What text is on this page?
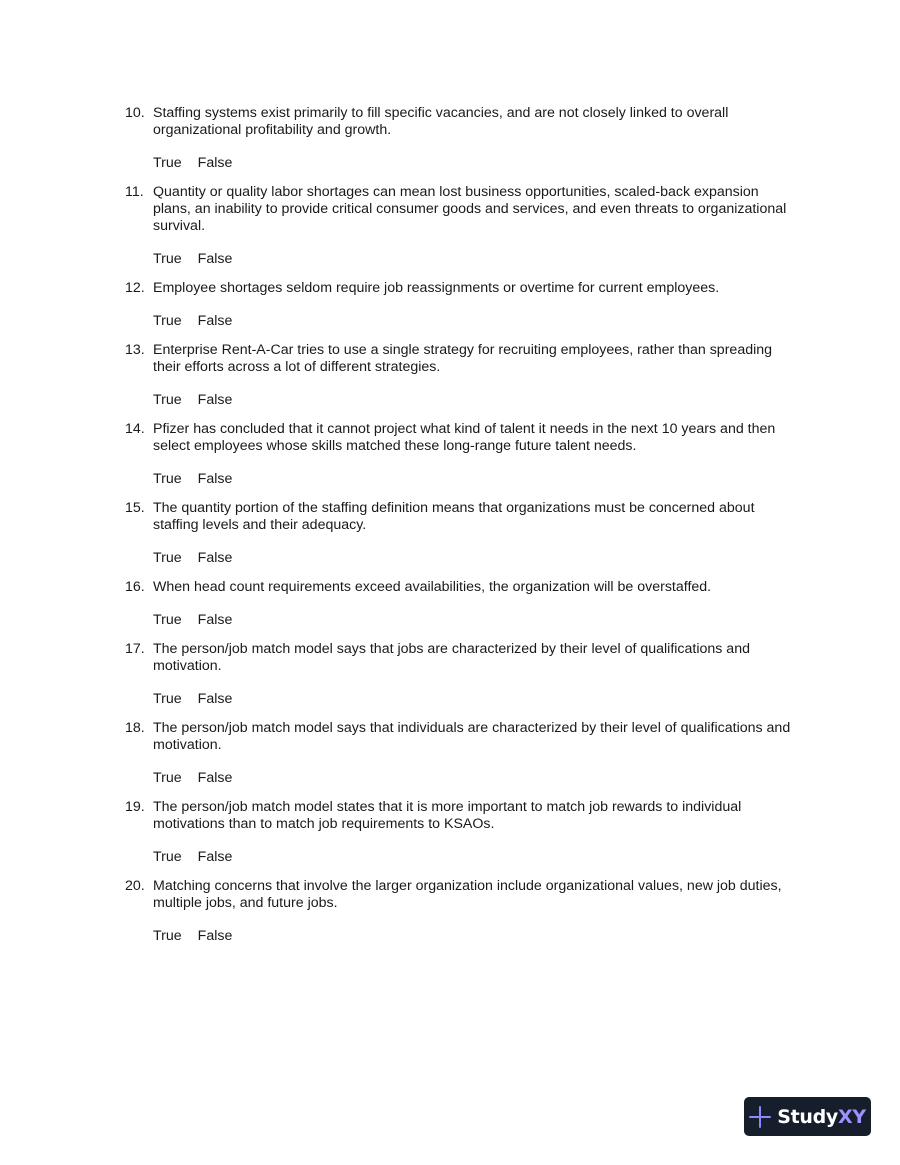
10. Staffing systems exist primarily to fill specific vacancies, and are not closely linked to overall organizational profitability and growth.
True False
11. Quantity or quality labor shortages can mean lost business opportunities, scaled-back expansion plans, an inability to provide critical consumer goods and services, and even threats to organizational survival.
True False
12. Employee shortages seldom require job reassignments or overtime for current employees.
True False
13. Enterprise Rent-A-Car tries to use a single strategy for recruiting employees, rather than spreading their efforts across a lot of different strategies.
True False
14. Pfizer has concluded that it cannot project what kind of talent it needs in the next 10 years and then select employees whose skills matched these long-range future talent needs.
True False
15. The quantity portion of the staffing definition means that organizations must be concerned about staffing levels and their adequacy.
True False
16. When head count requirements exceed availabilities, the organization will be overstaffed.
True False
17. The person/job match model says that jobs are characterized by their level of qualifications and motivation.
True False
18. The person/job match model says that individuals are characterized by their level of qualifications and motivation.
True False
19. The person/job match model states that it is more important to match job rewards to individual motivations than to match job requirements to KSAOs.
True False
20. Matching concerns that involve the larger organization include organizational values, new job duties, multiple jobs, and future jobs.
True False
StudyXY
